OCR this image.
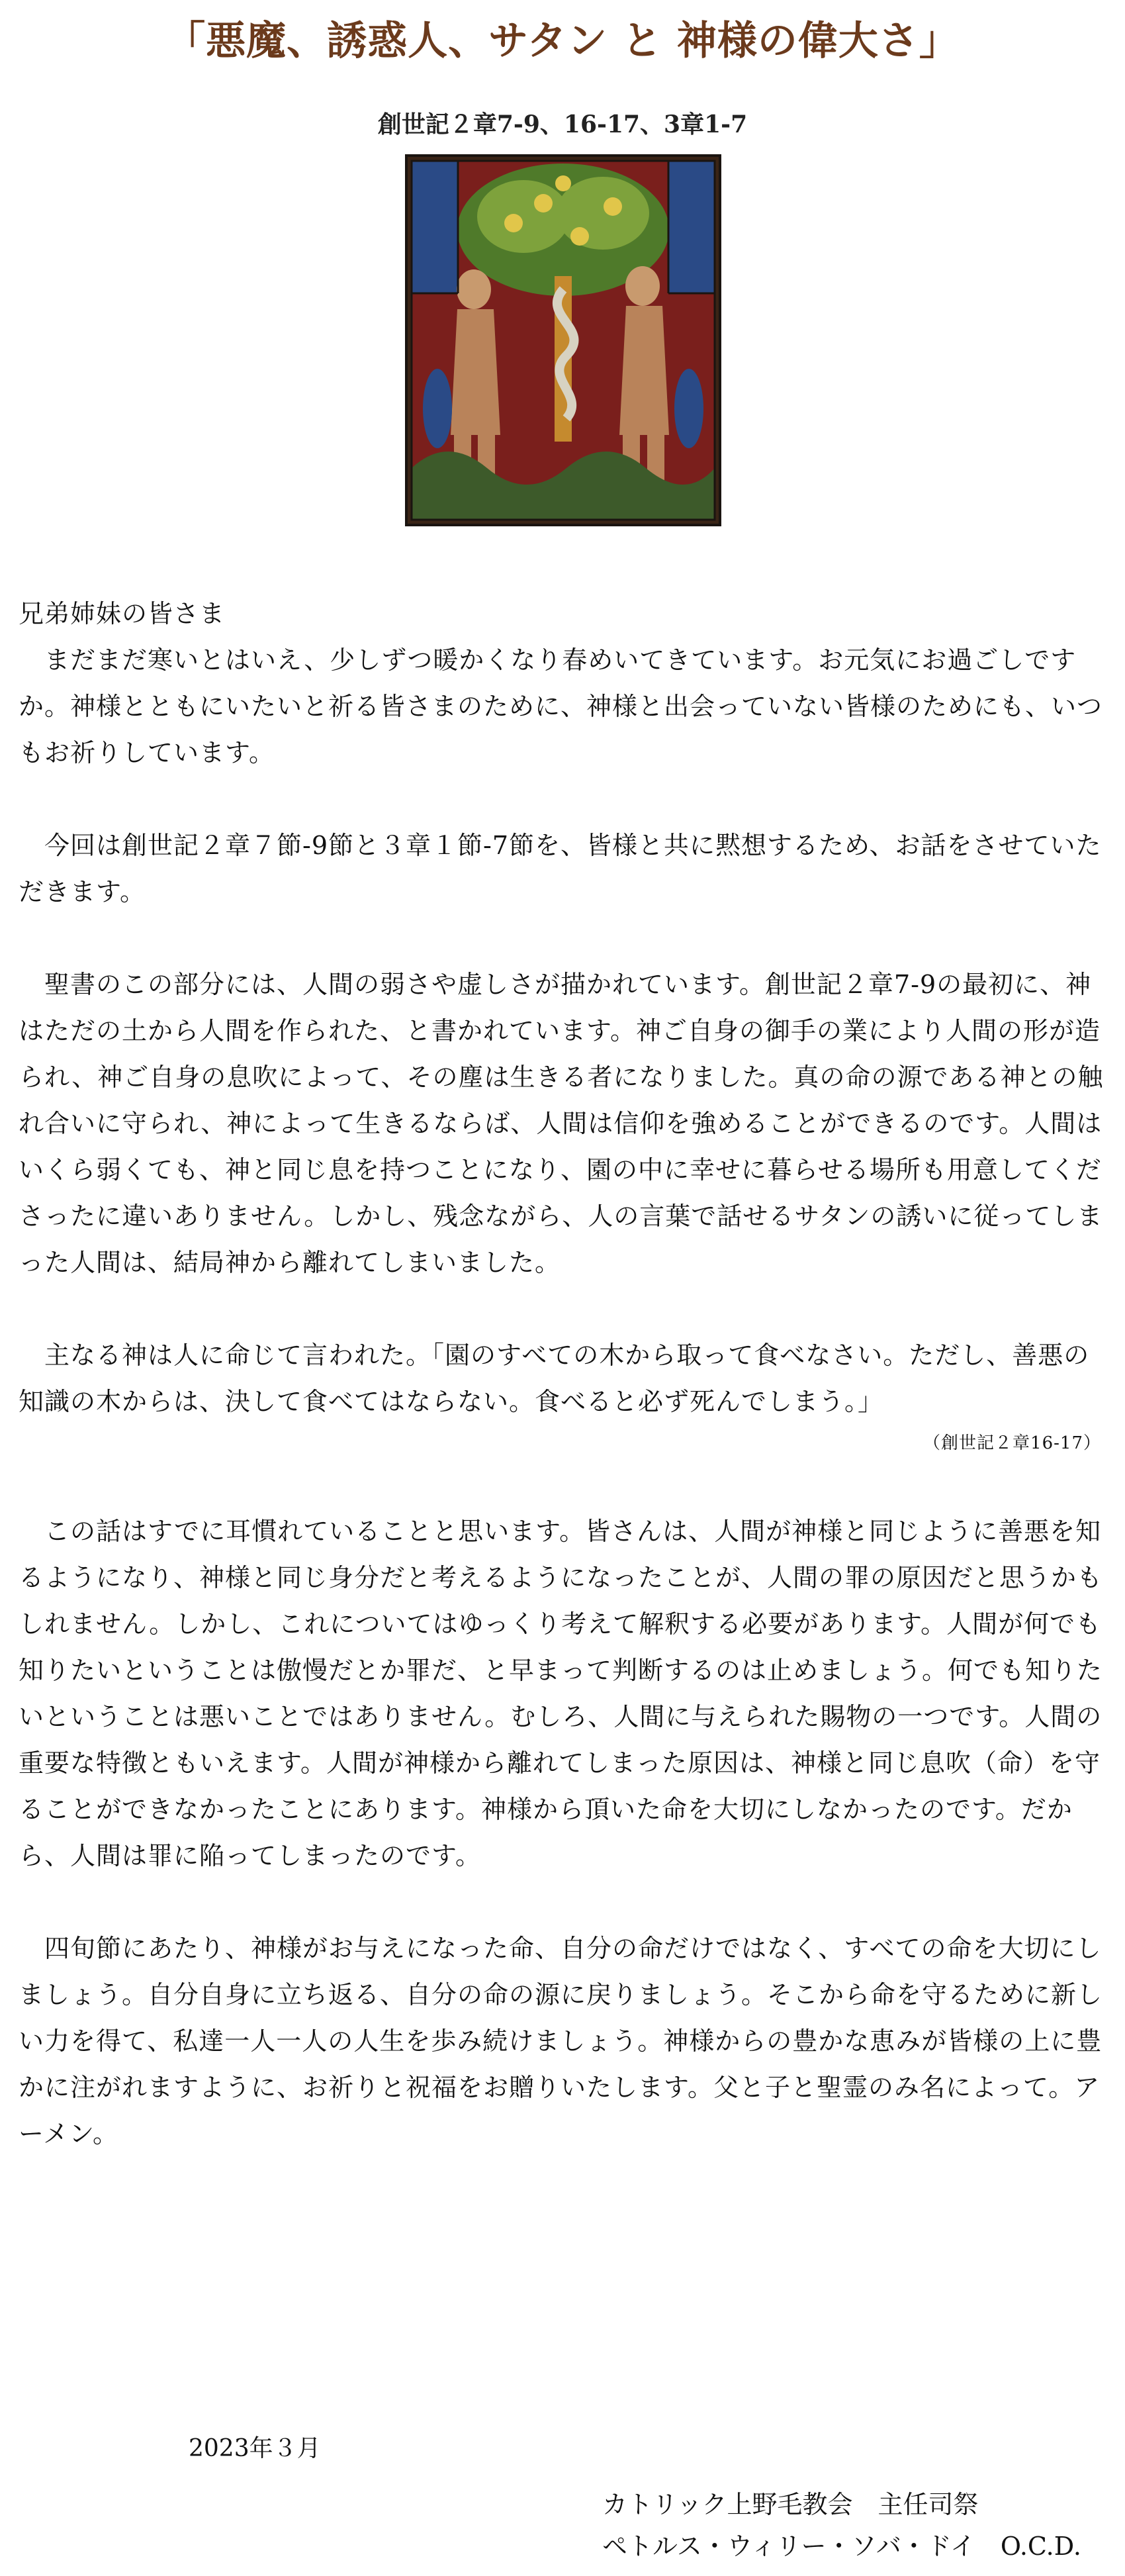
「悪魔、誘惑人、サタン と 神様の偉大さ」
創世記２章7-9、16-17、3章1-7

兄弟姉妹の皆さま

　まだまだ寒いとはいえ、少しずつ暖かくなり春めいてきています。お元気にお過ごしですか。神様とともにいたいと祈る皆さまのために、神様と出会っていない皆様のためにも、いつもお祈りしています。

　今回は創世記２章７節-9節と３章１節-7節を、皆様と共に黙想するため、お話をさせていただきます。

　聖書のこの部分には、人間の弱さや虚しさが描かれています。創世記２章7-9の最初に、神はただの土から人間を作られた、と書かれています。神ご自身の御手の業により人間の形が造られ、神ご自身の息吹によって、その塵は生きる者になりました。真の命の源である神との触れ合いに守られ、神によって生きるならば、人間は信仰を強めることができるのです。人間はいくら弱くても、神と同じ息を持つことになり、園の中に幸せに暮らせる場所も用意してくださったに違いありません。しかし、残念ながら、人の言葉で話せるサタンの誘いに従ってしまった人間は、結局神から離れてしまいました。

　主なる神は人に命じて言われた。「園のすべての木から取って食べなさい。ただし、善悪の知識の木からは、決して食べてはならない。食べると必ず死んでしまう。」

（創世記２章16-17）

　この話はすでに耳慣れていることと思います。皆さんは、人間が神様と同じように善悪を知るようになり、神様と同じ身分だと考えるようになったことが、人間の罪の原因だと思うかもしれません。しかし、これについてはゆっくり考えて解釈する必要があります。人間が何でも知りたいということは傲慢だとか罪だ、と早まって判断するのは止めましょう。何でも知りたいということは悪いことではありません。むしろ、人間に与えられた賜物の一つです。人間の重要な特徴ともいえます。人間が神様から離れてしまった原因は、神様と同じ息吹（命）を守ることができなかったことにあります。神様から頂いた命を大切にしなかったのです。だから、人間は罪に陥ってしまったのです。

　四旬節にあたり、神様がお与えになった命、自分の命だけではなく、すべての命を大切にしましょう。自分自身に立ち返る、自分の命の源に戻りましょう。そこから命を守るために新しい力を得て、私達一人一人の人生を歩み続けましょう。神様からの豊かな恵みが皆様の上に豊かに注がれますように、お祈りと祝福をお贈りいたします。父と子と聖霊のみ名によって。アーメン。

2023年３月
カトリック上野毛教会　主任司祭
ペトルス・ウィリー・ソバ・ドイ　O.C.D.
